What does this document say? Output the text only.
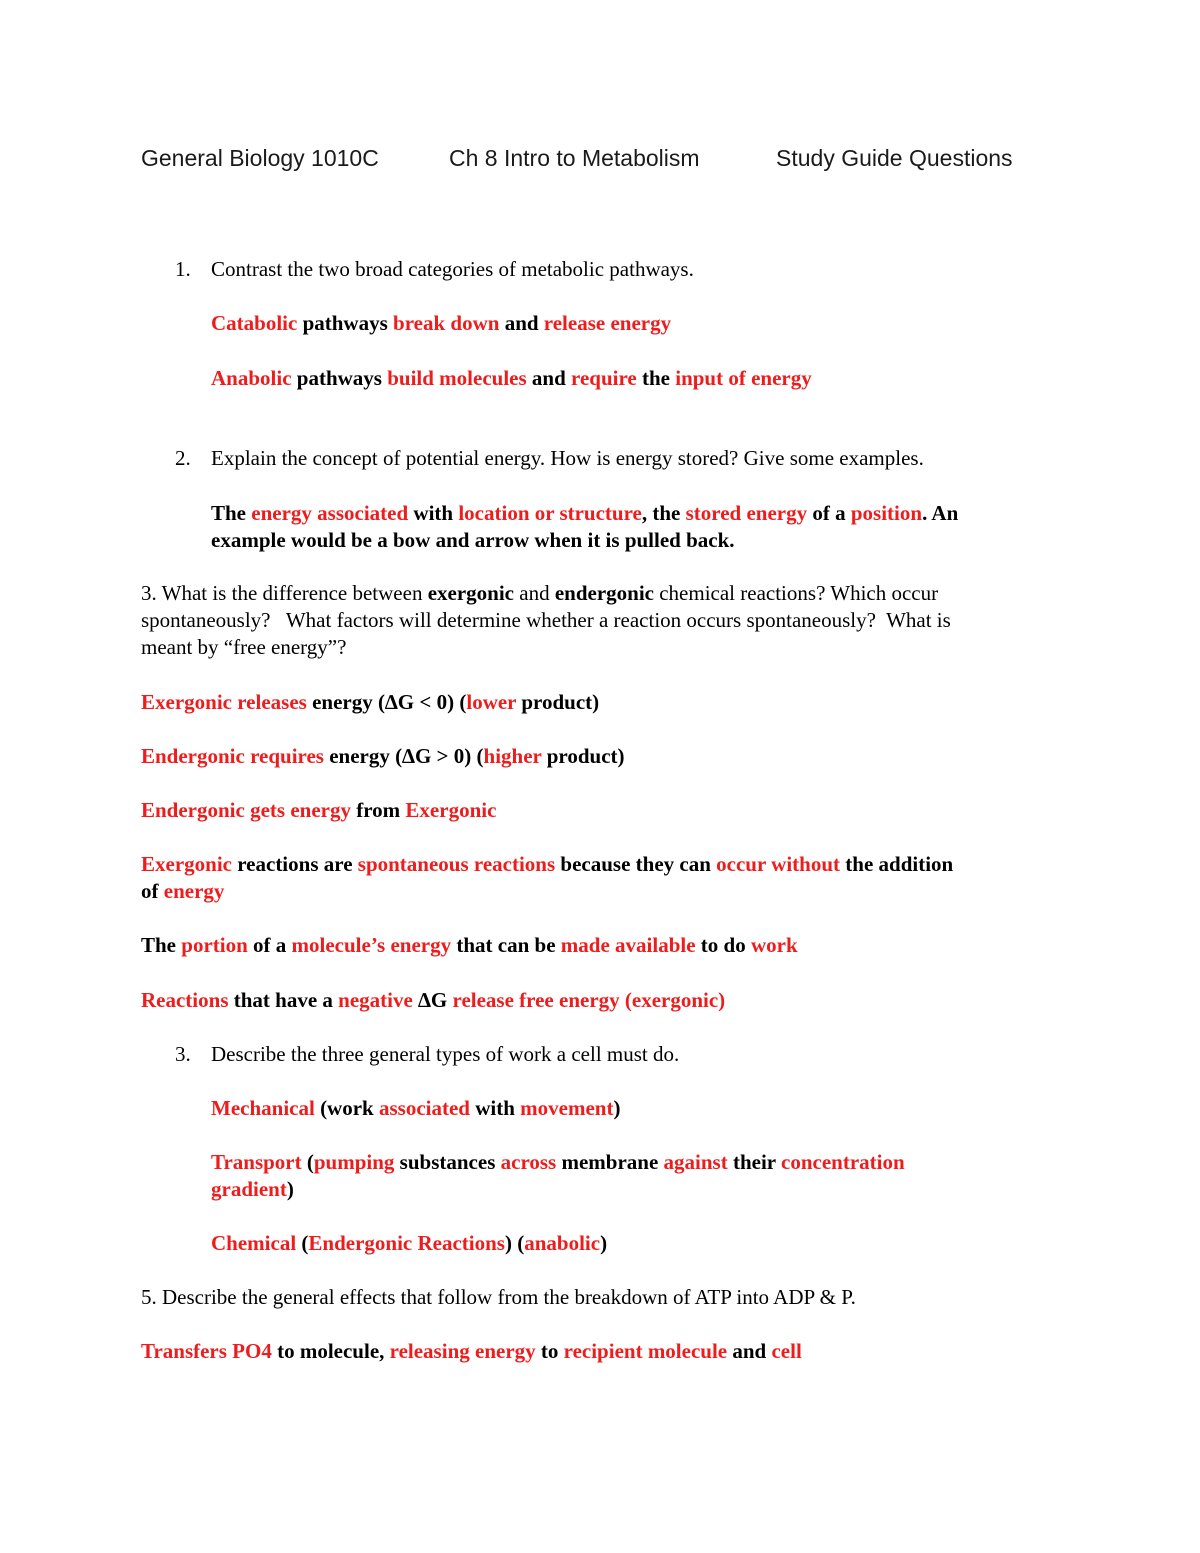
General Biology 1010C	Ch 8 Intro to Metabolism	Study Guide Questions
1. Contrast the two broad categories of metabolic pathways.
Catabolic pathways break down and release energy
Anabolic pathways build molecules and require the input of energy
2. Explain the concept of potential energy. How is energy stored? Give some examples.
The energy associated with location or structure, the stored energy of a position. An
example would be a bow and arrow when it is pulled back.
3. What is the difference between exergonic and endergonic chemical reactions? Which occur
spontaneously?   What factors will determine whether a reaction occurs spontaneously?  What is
meant by “free energy”?
Exergonic releases energy (∆G < 0) (lower product)
Endergonic requires energy (∆G > 0) (higher product)
Endergonic gets energy from Exergonic
Exergonic reactions are spontaneous reactions because they can occur without the addition
of energy
The portion of a molecule’s energy that can be made available to do work
Reactions that have a negative ∆G release free energy (exergonic)
3. Describe the three general types of work a cell must do.
Mechanical (work associated with movement)
Transport (pumping substances across membrane against their concentration
gradient)
Chemical (Endergonic Reactions) (anabolic)
5. Describe the general effects that follow from the breakdown of ATP into ADP & P.
Transfers PO4 to molecule, releasing energy to recipient molecule and cell
